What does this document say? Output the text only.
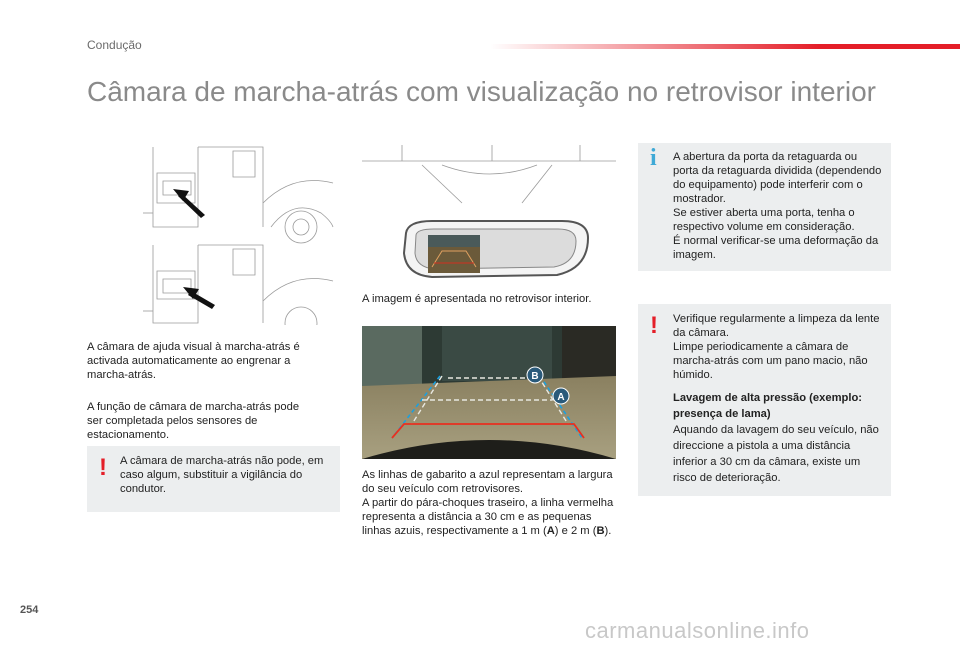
Condução
Câmara de marcha-atrás com visualização no retrovisor interior
A câmara de ajuda visual à marcha-atrás é activada automaticamente ao engrenar a marcha-atrás.
A função de câmara de marcha-atrás pode ser completada pelos sensores de estacionamento.
! A câmara de marcha-atrás não pode, em caso algum, substituir a vigilância do condutor.
A imagem é apresentada no retrovisor interior.
B
A

As linhas de gabarito a azul representam a largura do seu veículo com retrovisores.

A partir do pára-choques traseiro, a linha vermelha representa a distância a 30 cm e as pequenas linhas azuis, respectivamente a 1 m (A) e 2 m (B).

i A abertura da porta da retaguarda ou porta da retaguarda dividida (dependendo do equipamento) pode interferir com o mostrador.

Se estiver aberta uma porta, tenha o respectivo volume em consideração.

É normal verificar-se uma deformação da imagem.

! Verifique regularmente a limpeza da lente da câmara.

Limpe periodicamente a câmara de marcha-atrás com um pano macio, não húmido.

Lavagem de alta pressão (exemplo: presença de lama)

Aquando da lavagem do seu veículo, não direccione a pistola a uma distância inferior a 30 cm da câmara, existe um risco de deterioração.

254
carmanualsonline.info
